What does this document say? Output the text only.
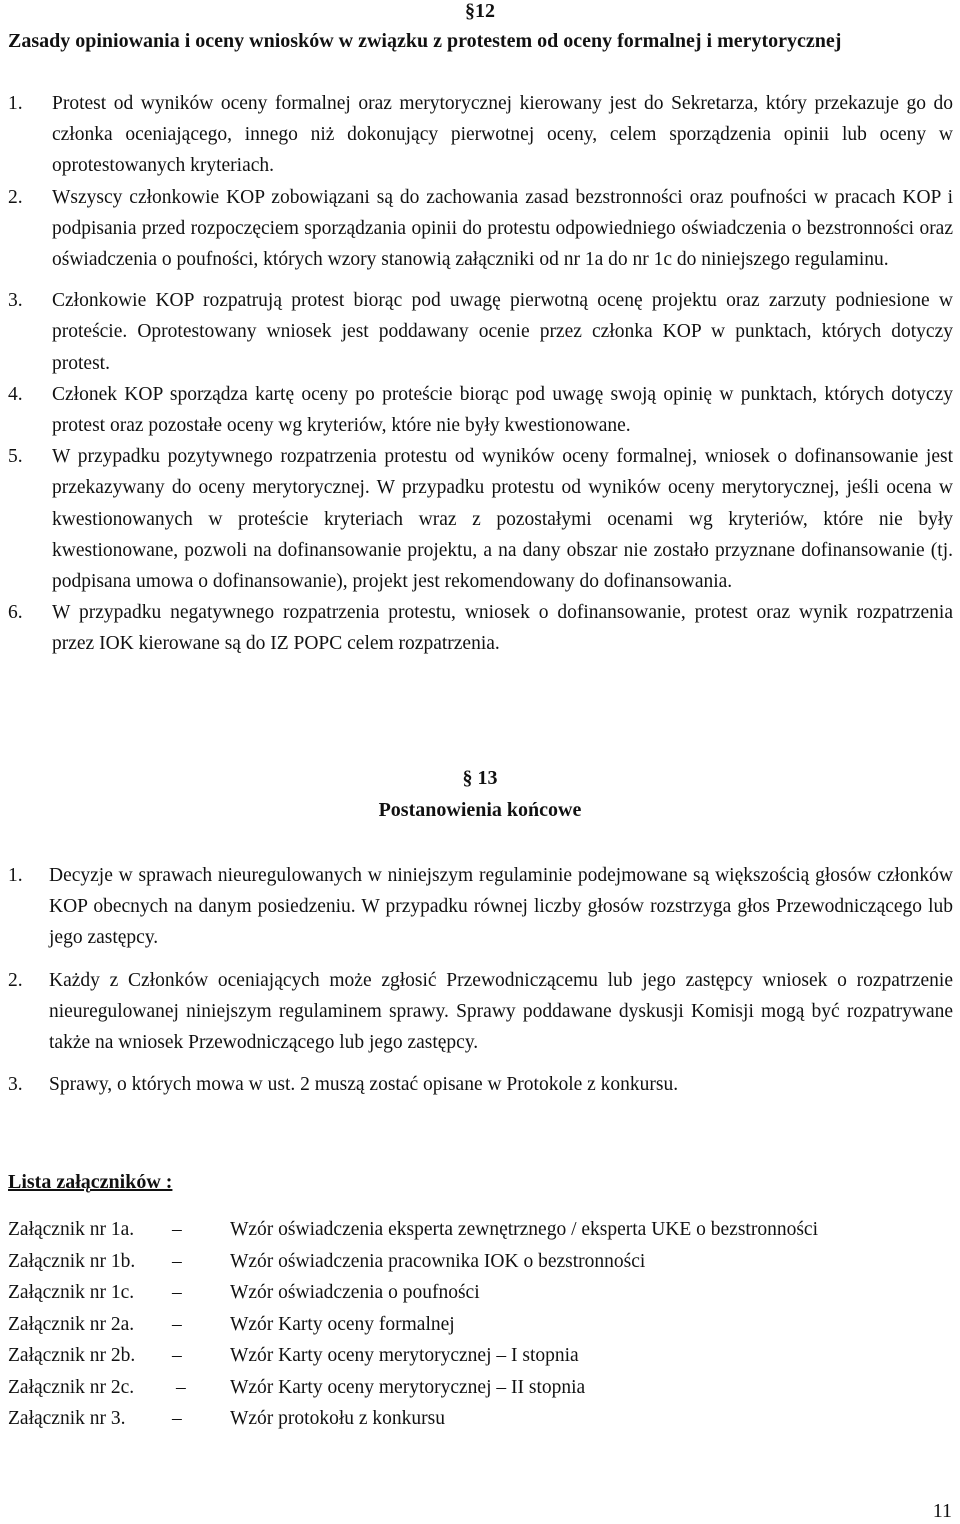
§12
Zasady opiniowania i oceny wniosków w związku z protestem od oceny formalnej i merytorycznej
1. Protest od wyników oceny formalnej oraz merytorycznej kierowany jest do Sekretarza, który przekazuje go do członka oceniającego, innego niż dokonujący pierwotnej oceny, celem sporządzenia opinii lub oceny w oprotestowanych kryteriach.
2. Wszyscy członkowie KOP zobowiązani są do zachowania zasad bezstronności oraz poufności w pracach KOP i podpisania przed rozpoczęciem sporządzania opinii do protestu odpowiedniego oświadczenia o bezstronności oraz oświadczenia o poufności, których wzory stanowią załączniki od nr 1a do nr 1c do niniejszego regulaminu.
3. Członkowie KOP rozpatrują protest biorąc pod uwagę pierwotną ocenę projektu oraz zarzuty podniesione w proteście. Oprotestowany wniosek jest poddawany ocenie przez członka KOP w punktach, których dotyczy protest.
4. Członek KOP sporządza kartę oceny po proteście biorąc pod uwagę swoją opinię w punktach, których dotyczy protest oraz pozostałe oceny wg kryteriów, które nie były kwestionowane.
5. W przypadku pozytywnego rozpatrzenia protestu od wyników oceny formalnej, wniosek o dofinansowanie jest przekazywany do oceny merytorycznej. W przypadku protestu od wyników oceny merytorycznej, jeśli ocena w kwestionowanych w proteście kryteriach wraz z pozostałymi ocenami wg kryteriów, które nie były kwestionowane, pozwoli na dofinansowanie projektu, a na dany obszar nie zostało przyznane dofinansowanie (tj. podpisana umowa o dofinansowanie), projekt jest rekomendowany do dofinansowania.
6. W przypadku negatywnego rozpatrzenia protestu, wniosek o dofinansowanie, protest oraz wynik rozpatrzenia przez IOK kierowane są do IZ POPC celem rozpatrzenia.
§ 13
Postanowienia końcowe
1. Decyzje w sprawach nieuregulowanych w niniejszym regulaminie podejmowane są większością głosów członków KOP obecnych na danym posiedzeniu. W przypadku równej liczby głosów rozstrzyga głos Przewodniczącego lub jego zastępcy.
2. Każdy z Członków oceniających może zgłosić Przewodniczącemu lub jego zastępcy wniosek o rozpatrzenie nieuregulowanej niniejszym regulaminem sprawy. Sprawy poddawane dyskusji Komisji mogą być rozpatrywane także na wniosek Przewodniczącego lub jego zastępcy.
3. Sprawy, o których mowa w ust. 2 muszą zostać opisane w Protokole z konkursu.
Lista załączników :
Załącznik nr 1a. – Wzór oświadczenia eksperta zewnętrznego / eksperta UKE o bezstronności
Załącznik nr 1b. – Wzór oświadczenia pracownika IOK o bezstronności
Załącznik nr 1c. – Wzór oświadczenia o poufności
Załącznik nr 2a. – Wzór Karty oceny formalnej
Załącznik nr 2b. – Wzór Karty oceny merytorycznej – I stopnia
Załącznik nr 2c. – Wzór Karty oceny merytorycznej – II stopnia
Załącznik nr 3. – Wzór protokołu z konkursu
11
